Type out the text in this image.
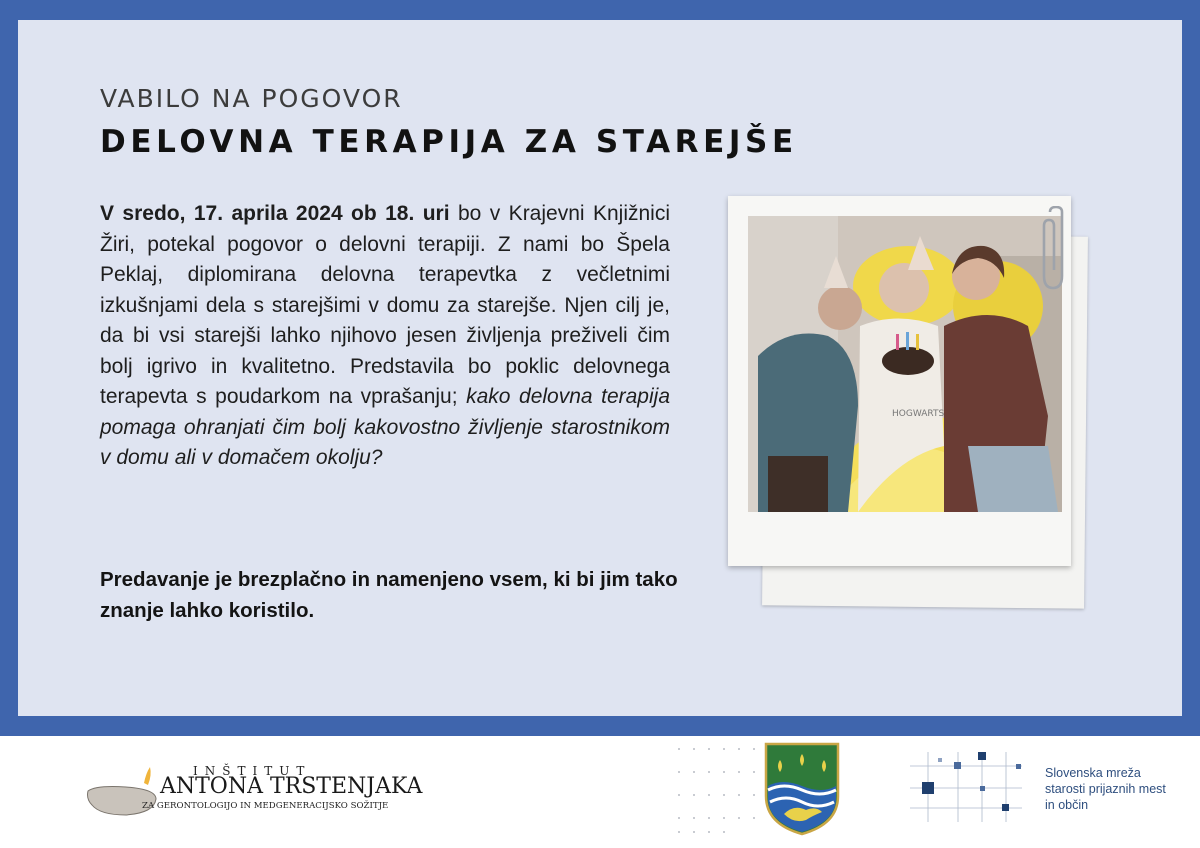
VABILO NA POGOVOR
DELOVNA TERAPIJA ZA STAREJŠE
V sredo, 17. aprila 2024 ob 18. uri bo v Krajevni Knjižnici Žiri, potekal pogovor o delovni terapiji. Z nami bo Špela Peklaj, diplomirana delovna terapevtka z večletnimi izkušnjami dela s starejšimi v domu za starejše. Njen cilj je, da bi vsi starejši lahko njihovo jesen življenja preživeli čim bolj igrivo in kvalitetno. Predstavila bo poklic delovnega terapevta s poudarkom na vprašanju; kako delovna terapija pomaga ohranjati čim bolj kakovostno življenje starostnikom v domu ali v domačem okolju?
Predavanje je brezplačno in namenjeno vsem, ki bi jim tako znanje lahko koristilo.
HOGWARTS
INŠTITUT
ANTONA TRSTENJAKA
ZA GERONTOLOGIJO IN MEDGENERACIJSKO SOŽITJE
Slovenska mreža starosti prijaznih mest in občin
